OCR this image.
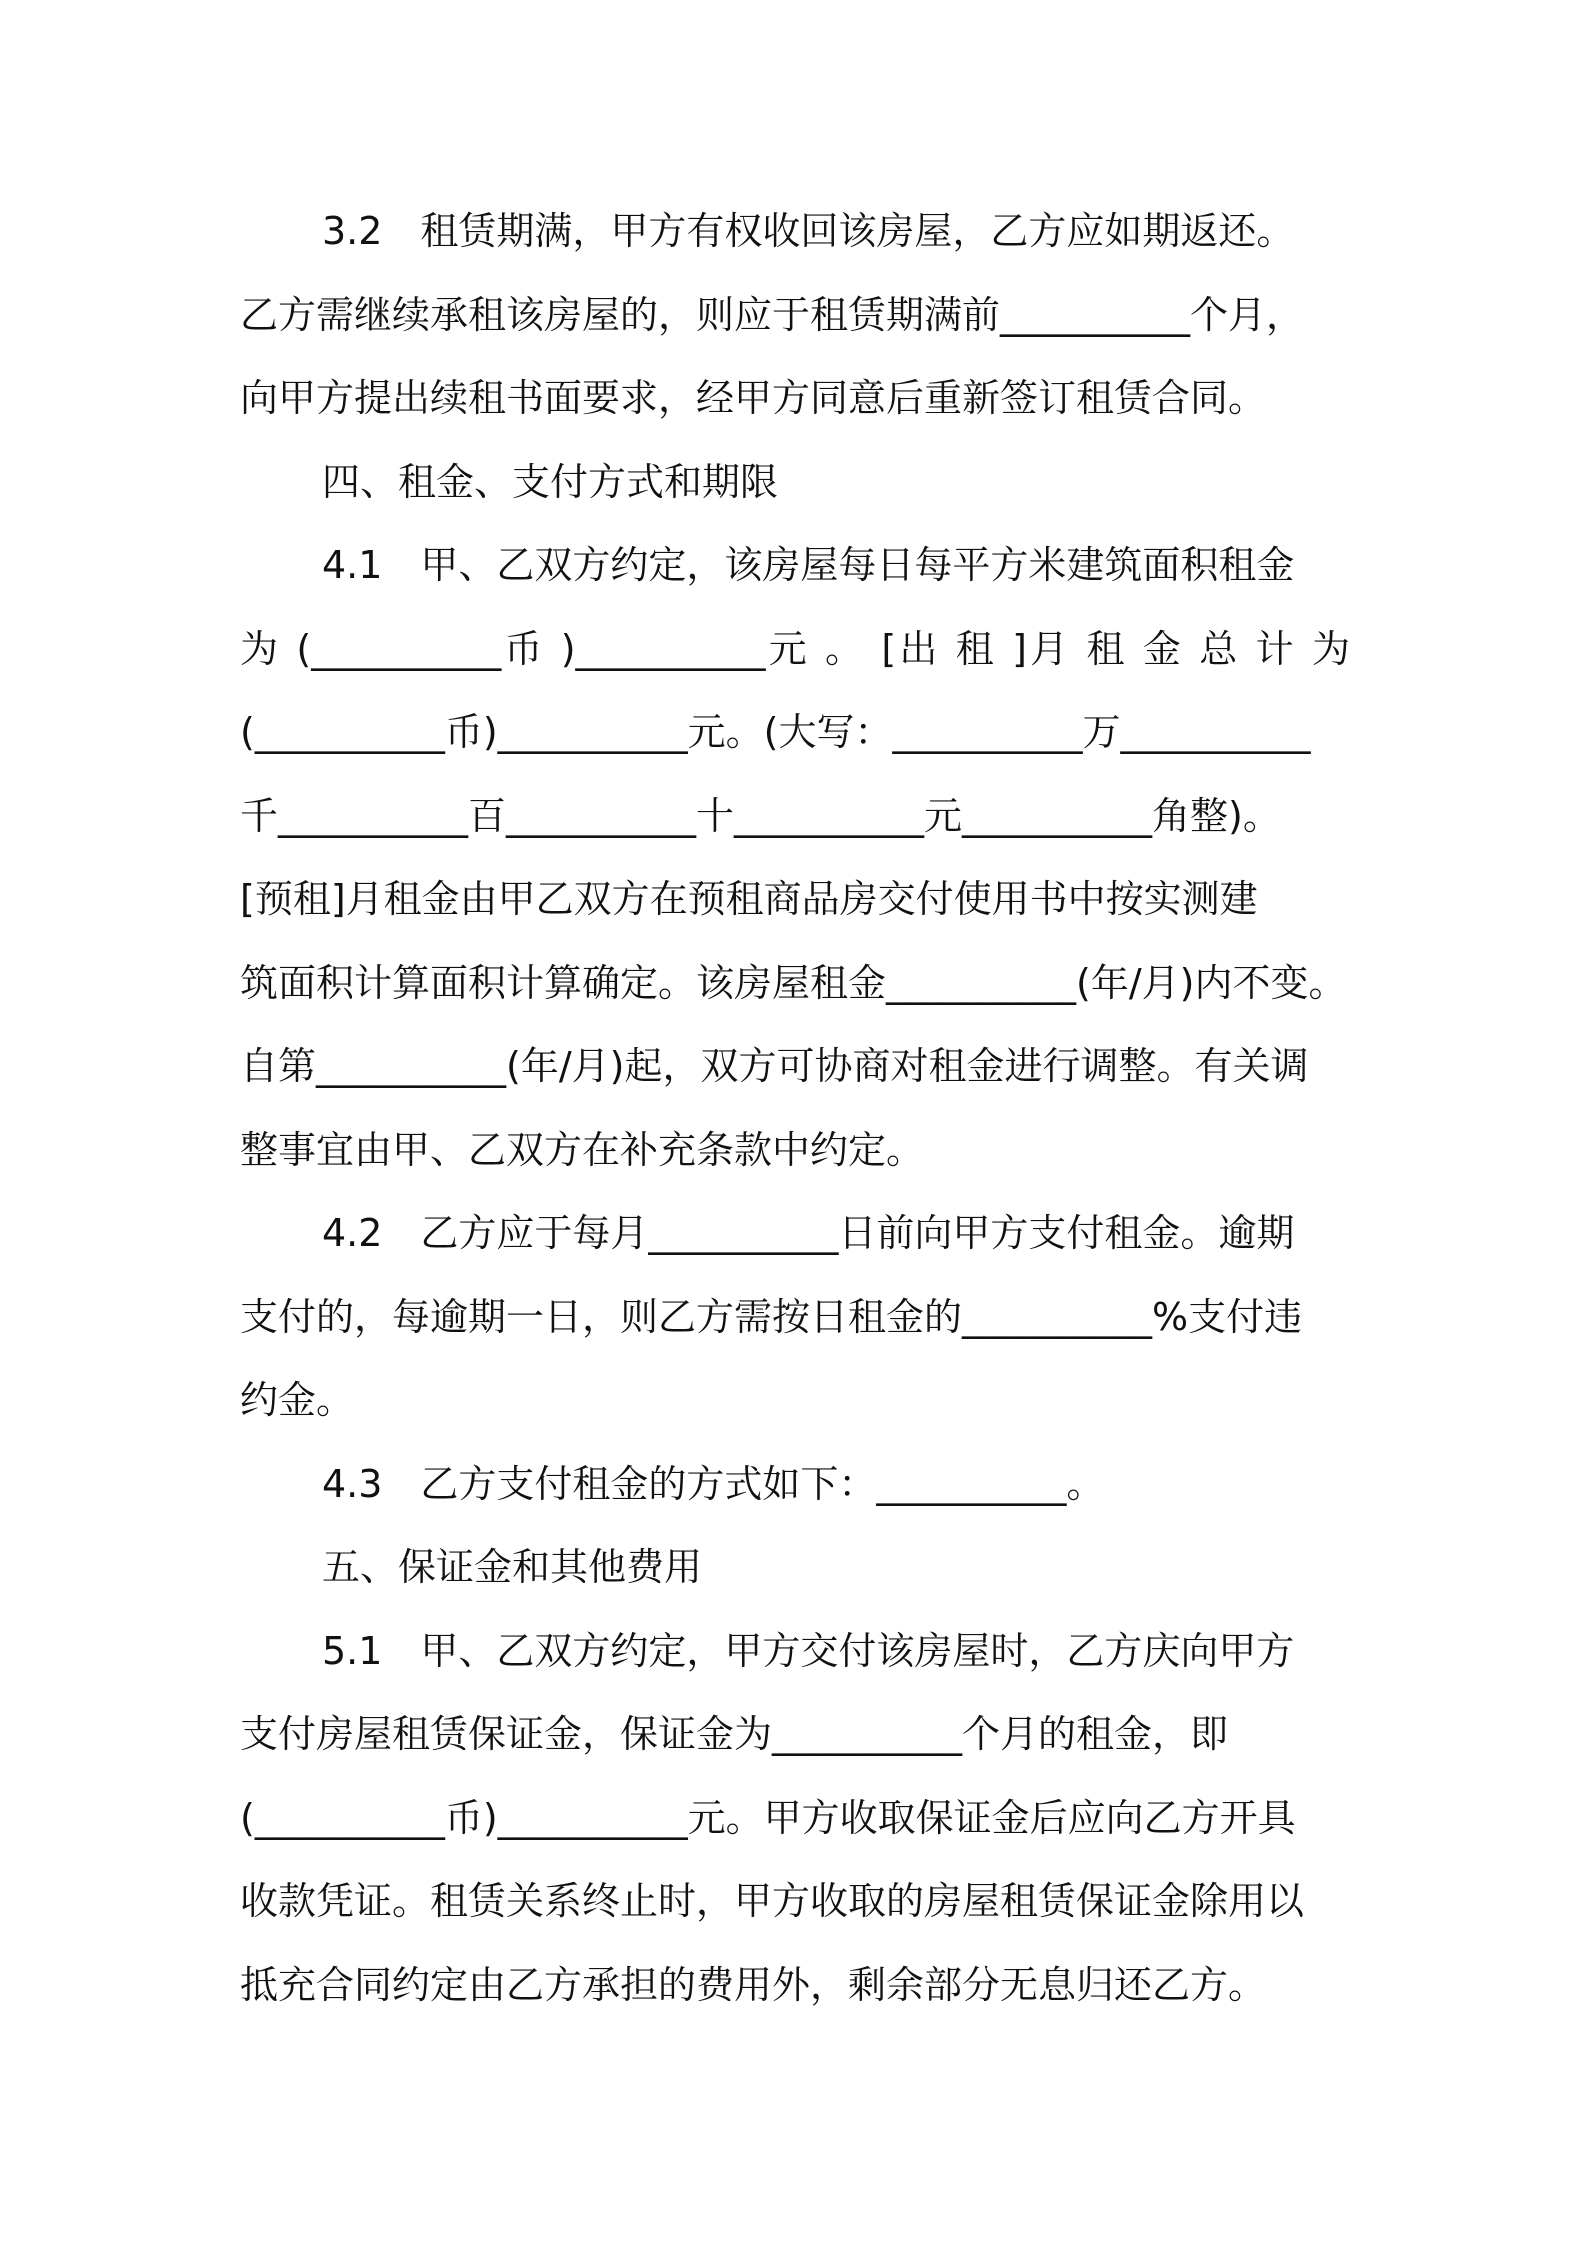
3.2　租赁期满，甲方有权收回该房屋，乙方应如期返还。
乙方需继续承租该房屋的，则应于租赁期满前__________个月，
向甲方提出续租书面要求，经甲方同意后重新签订租赁合同。
四、租金、支付方式和期限
4.1　甲、乙双方约定，该房屋每日每平方米建筑面积租金
为 (__________币 )__________元 。 [出 租 ]月 租 金 总 计 为
(__________币)__________元。(大写：__________万__________
千__________百__________十__________元__________角整)。
[预租]月租金由甲乙双方在预租商品房交付使用书中按实测建
筑面积计算面积计算确定。该房屋租金__________(年/月)内不变。
自第__________(年/月)起，双方可协商对租金进行调整。有关调
整事宜由甲、乙双方在补充条款中约定。
4.2　乙方应于每月__________日前向甲方支付租金。逾期
支付的，每逾期一日，则乙方需按日租金的__________%支付违
约金。
4.3　乙方支付租金的方式如下：__________。
五、保证金和其他费用
5.1　甲、乙双方约定，甲方交付该房屋时，乙方庆向甲方
支付房屋租赁保证金，保证金为__________个月的租金，即
(__________币)__________元。甲方收取保证金后应向乙方开具
收款凭证。租赁关系终止时，甲方收取的房屋租赁保证金除用以
抵充合同约定由乙方承担的费用外，剩余部分无息归还乙方。
